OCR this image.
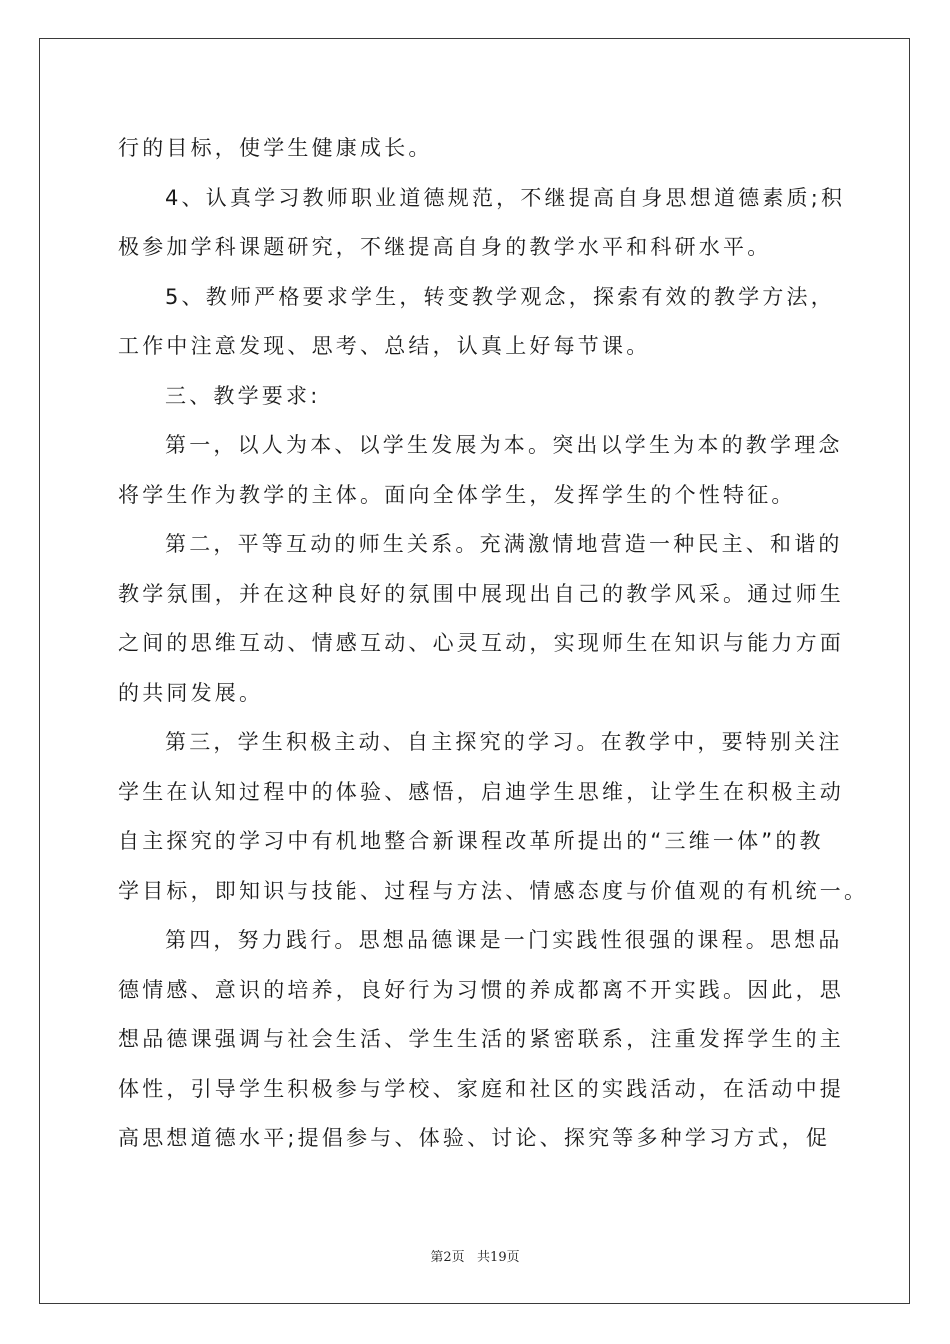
行的目标，使学生健康成长。
4、认真学习教师职业道德规范，不继提高自身思想道德素质;积
极参加学科课题研究，不继提高自身的教学水平和科研水平。
5、教师严格要求学生，转变教学观念，探索有效的教学方法，
工作中注意发现、思考、总结，认真上好每节课。
三、教学要求:
第一，以人为本、以学生发展为本。突出以学生为本的教学理念
将学生作为教学的主体。面向全体学生，发挥学生的个性特征。
第二，平等互动的师生关系。充满激情地营造一种民主、和谐的
教学氛围，并在这种良好的氛围中展现出自己的教学风采。通过师生
之间的思维互动、情感互动、心灵互动，实现师生在知识与能力方面
的共同发展。
第三，学生积极主动、自主探究的学习。在教学中，要特别关注
学生在认知过程中的体验、感悟，启迪学生思维，让学生在积极主动
自主探究的学习中有机地整合新课程改革所提出的“三维一体”的教
学目标，即知识与技能、过程与方法、情感态度与价值观的有机统一。
第四，努力践行。思想品德课是一门实践性很强的课程。思想品
德情感、意识的培养，良好行为习惯的养成都离不开实践。因此，思
想品德课强调与社会生活、学生生活的紧密联系，注重发挥学生的主
体性，引导学生积极参与学校、家庭和社区的实践活动，在活动中提
高思想道德水平;提倡参与、体验、讨论、探究等多种学习方式，促
第2页   共19页
